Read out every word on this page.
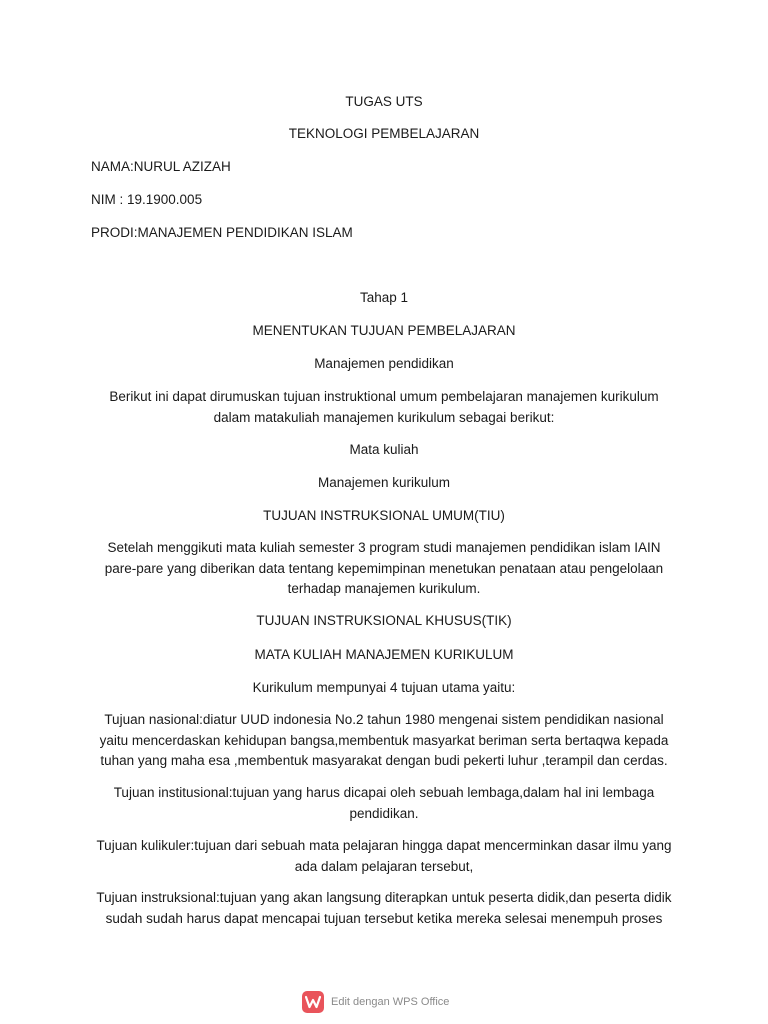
TUGAS UTS
TEKNOLOGI PEMBELAJARAN
NAMA:NURUL AZIZAH
NIM : 19.1900.005
PRODI:MANAJEMEN PENDIDIKAN ISLAM
Tahap 1
MENENTUKAN TUJUAN PEMBELAJARAN
Manajemen pendidikan
Berikut ini dapat dirumuskan tujuan instruktional umum pembelajaran manajemen kurikulum
dalam matakuliah manajemen kurikulum sebagai berikut:
Mata kuliah
Manajemen kurikulum
TUJUAN INSTRUKSIONAL UMUM(TIU)
Setelah menggikuti mata kuliah semester 3 program studi manajemen pendidikan islam IAIN
pare-pare yang diberikan data tentang kepemimpinan menetukan penataan atau pengelolaan
terhadap manajemen kurikulum.
TUJUAN INSTRUKSIONAL KHUSUS(TIK)
MATA KULIAH MANAJEMEN KURIKULUM
Kurikulum mempunyai 4 tujuan utama yaitu:
Tujuan nasional:diatur UUD indonesia No.2 tahun 1980 mengenai sistem pendidikan nasional
yaitu mencerdaskan kehidupan bangsa,membentuk masyarkat beriman serta bertaqwa kepada
tuhan yang maha esa ,membentuk masyarakat dengan budi pekerti luhur ,terampil dan cerdas.
Tujuan institusional:tujuan yang harus dicapai oleh sebuah lembaga,dalam hal ini lembaga
pendidikan.
Tujuan kulikuler:tujuan dari sebuah mata pelajaran hingga dapat mencerminkan dasar ilmu yang
ada dalam pelajaran tersebut,
Tujuan instruksional:tujuan yang akan langsung diterapkan untuk peserta didik,dan peserta didik
sudah sudah harus dapat mencapai tujuan tersebut ketika mereka selesai menempuh proses
Edit dengan WPS Office
